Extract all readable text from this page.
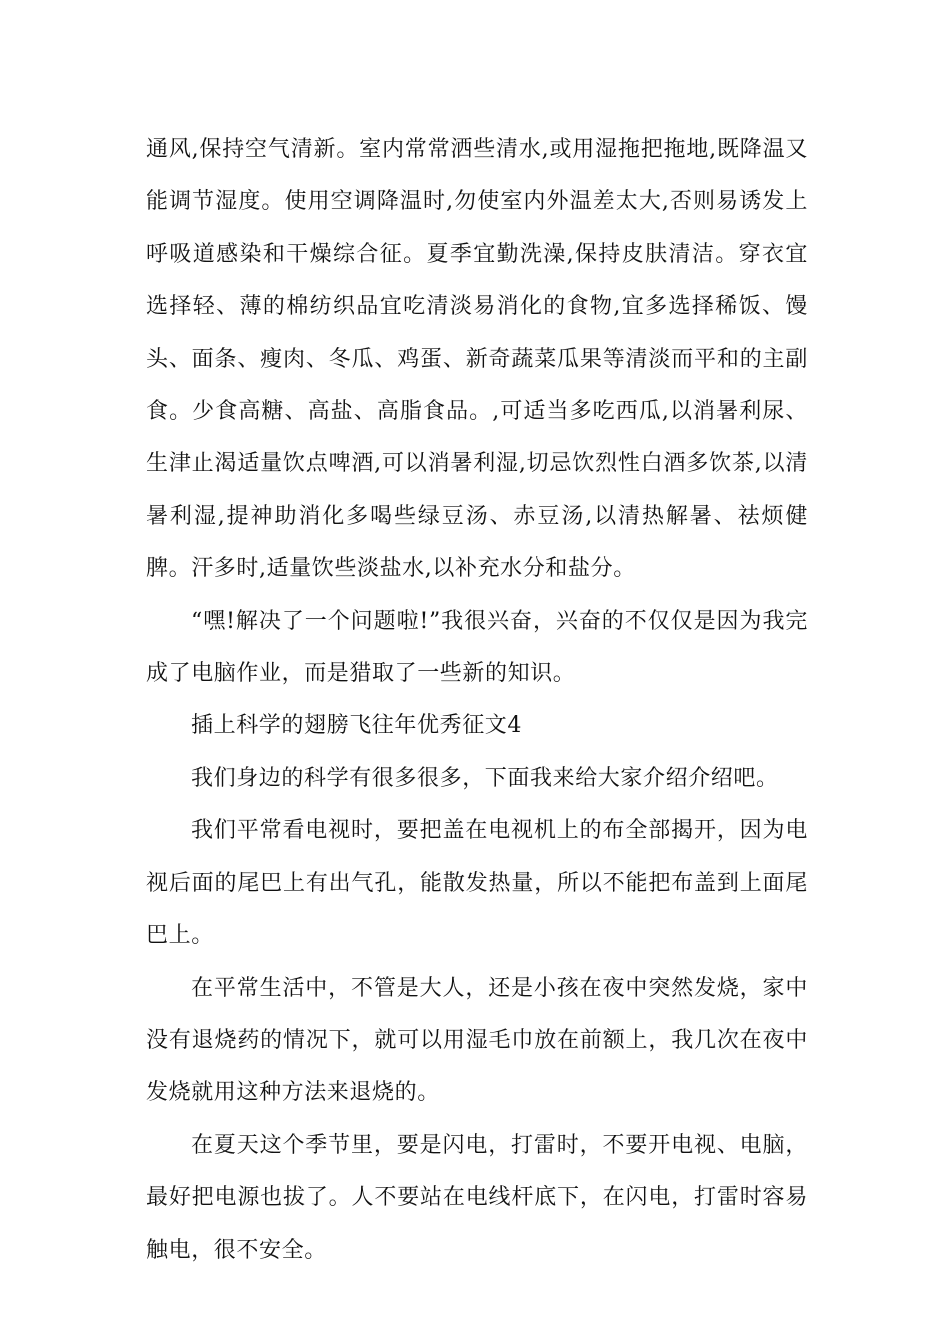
通风,保持空气清新。室内常常洒些清水,或用湿拖把拖地,既降温又能调节湿度。使用空调降温时,勿使室内外温差太大,否则易诱发上呼吸道感染和干燥综合征。夏季宜勤洗澡,保持皮肤清洁。穿衣宜选择轻、薄的棉纺织品宜吃清淡易消化的食物,宜多选择稀饭、馒头、面条、瘦肉、冬瓜、鸡蛋、新奇蔬菜瓜果等清淡而平和的主副食。少食高糖、高盐、高脂食品。,可适当多吃西瓜,以消暑利尿、生津止渴适量饮点啤酒,可以消暑利湿,切忌饮烈性白酒多饮茶,以清暑利湿,提神助消化多喝些绿豆汤、赤豆汤,以清热解暑、祛烦健脾。汗多时,适量饮些淡盐水,以补充水分和盐分。

“嘿!解决了一个问题啦!”我很兴奋，兴奋的不仅仅是因为我完成了电脑作业，而是猎取了一些新的知识。

插上科学的翅膀飞往年优秀征文4

我们身边的科学有很多很多，下面我来给大家介绍介绍吧。

我们平常看电视时，要把盖在电视机上的布全部揭开，因为电视后面的尾巴上有出气孔，能散发热量，所以不能把布盖到上面尾巴上。

在平常生活中，不管是大人，还是小孩在夜中突然发烧，家中没有退烧药的情况下，就可以用湿毛巾放在前额上，我几次在夜中发烧就用这种方法来退烧的。

在夏天这个季节里，要是闪电，打雷时，不要开电视、电脑，最好把电源也拔了。人不要站在电线杆底下，在闪电，打雷时容易触电，很不安全。
